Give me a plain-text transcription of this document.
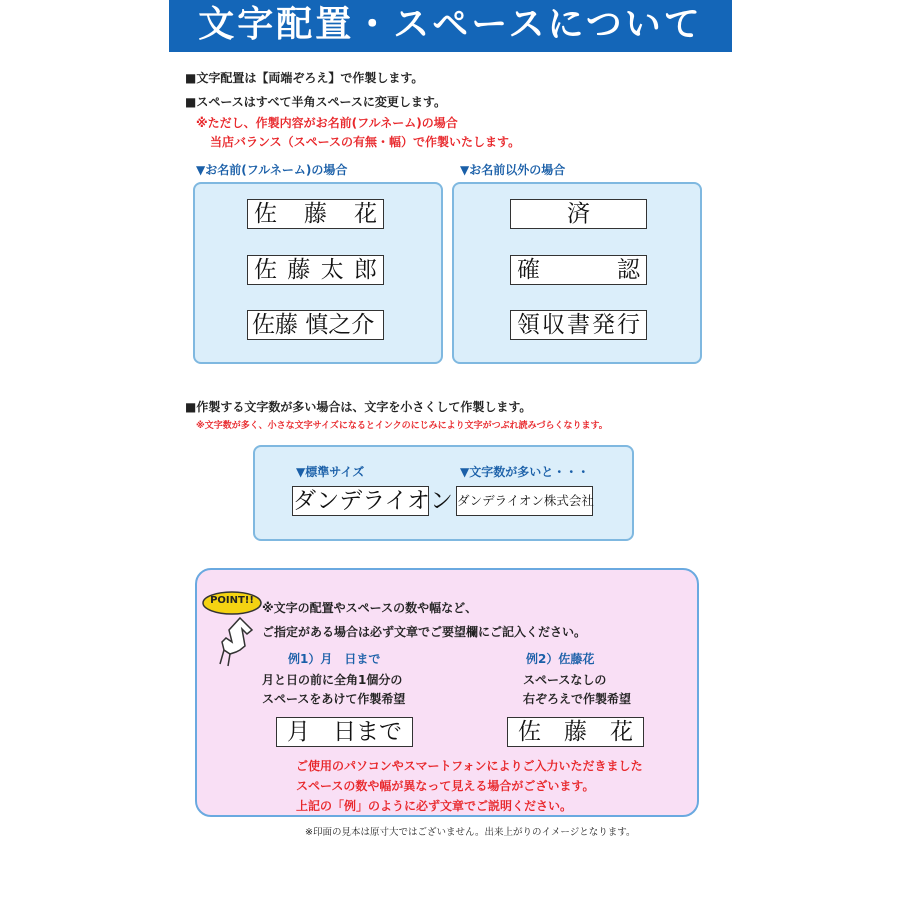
文字配置・スペースについて
■文字配置は【両端ぞろえ】で作製します。
■スペースはすべて半角スペースに変更します。
※ただし、作製内容がお名前(フルネーム)の場合
当店バランス（スペースの有無・幅）で作製いたします。
▼お名前(フルネーム)の場合	▼お名前以外の場合
佐 藤 花
佐藤太郎
佐藤 慎之介
済
確 認
領収書発行
■作製する文字数が多い場合は、文字を小さくして作製します。
※文字数が多く、小さな文字サイズになるとインクのにじみにより文字がつぶれ読みづらくなります。
▼標準サイズ	▼文字数が多いと・・・
ダンデライオン ダンデライオン株式会社
POINT!!
※文字の配置やスペースの数や幅など、
ご指定がある場合は必ず文章でご要望欄にご記入ください。
例1）月　日まで
月と日の前に全角1個分の
スペースをあけて作製希望
例2）佐藤花
スペースなしの
右ぞろえで作製希望
月　日まで	佐　藤　花
ご使用のパソコンやスマートフォンによりご入力いただきました
スペースの数や幅が異なって見える場合がございます。
上記の「例」のように必ず文章でご説明ください。
※印面の見本は原寸大ではございません。出来上がりのイメージとなります。
